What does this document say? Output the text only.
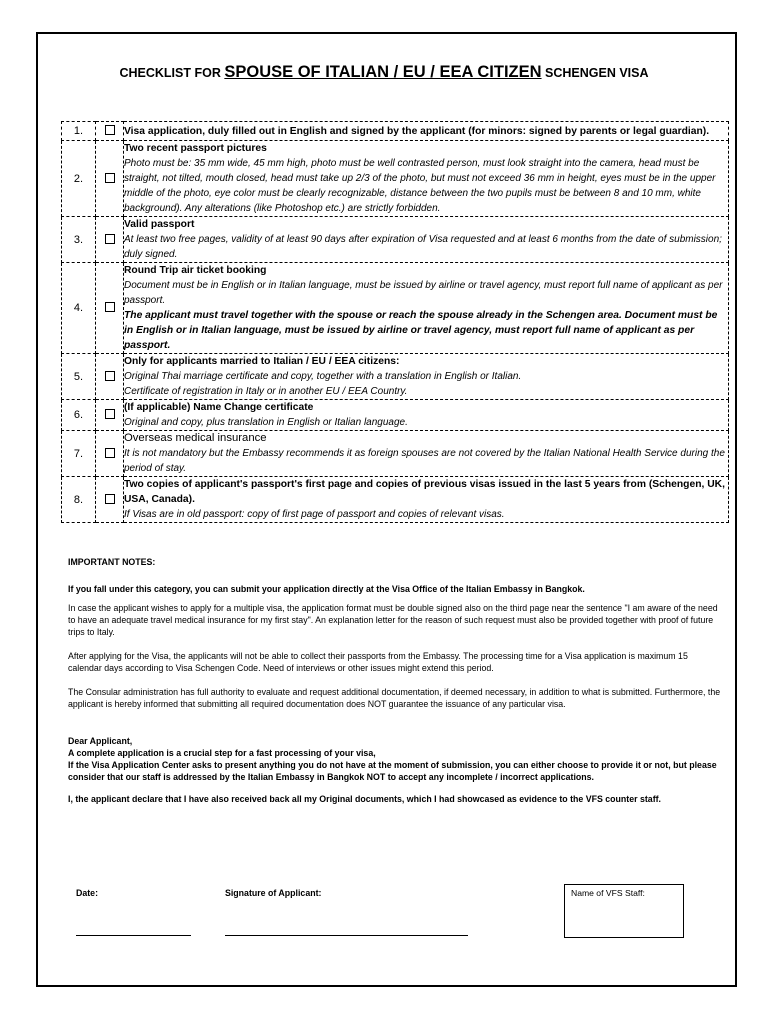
CHECKLIST FOR SPOUSE OF ITALIAN / EU / EEA CITIZEN SCHENGEN VISA
1.		Visa application, duly filled out in English and signed by the applicant (for minors: signed by parents or legal guardian).

2.		Two recent passport pictures
Photo must be: 35 mm wide, 45 mm high, photo must be well contrasted person, must look straight into the camera, head must be straight, not tilted, mouth closed, head must take up 2/3 of the photo, but must not exceed 36 mm in height, eyes must be in the upper middle of the photo, eye color must be clearly recognizable, distance between the two pupils must be between 8 and 10 mm, white background). Any alterations (like Photoshop etc.) are strictly forbidden.

3.		Valid passport
At least two free pages, validity of at least 90 days after expiration of Visa requested and at least 6 months from the date of submission; duly signed.

4.		Round Trip air ticket booking
Document must be in English or in Italian language, must be issued by airline or travel agency, must report full name of applicant as per passport.
The applicant must travel together with the spouse or reach the spouse already in the Schengen area. Document must be in English or in Italian language, must be issued by airline or travel agency, must report full name of applicant as per passport.

5.		Only for applicants married to Italian / EU / EEA citizens:
Original Thai marriage certificate and copy, together with a translation in English or Italian.
Certificate of registration in Italy or in another EU / EEA Country.

6.		(If applicable) Name Change certificate
Original and copy, plus translation in English or Italian language.

7.		Overseas medical insurance
It is not mandatory but the Embassy recommends it as foreign spouses are not covered by the Italian National Health Service during the period of stay.

8.		Two copies of applicant's passport's first page and copies of previous visas issued in the last 5 years from (Schengen, UK, USA, Canada).
If Visas are in old passport: copy of first page of passport and copies of relevant visas.

IMPORTANT NOTES:

If you fall under this category, you can submit your application directly at the Visa Office of the Italian Embassy in Bangkok.

In case the applicant wishes to apply for a multiple visa, the application format must be double signed also on the third page near the sentence "I am aware of the need to have an adequate travel medical insurance for my first stay". An explanation letter for the reason of such request must also be provided together with proof of future trips to Italy.

After applying for the Visa, the applicants will not be able to collect their passports from the Embassy. The processing time for a Visa application is maximum 15 calendar days according to Visa Schengen Code. Need of interviews or other issues might extend this period.

The Consular administration has full authority to evaluate and request additional documentation, if deemed necessary, in addition to what is submitted. Furthermore, the applicant is hereby informed that submitting all required documentation does NOT guarantee the issuance of any particular visa.

Dear Applicant,

A complete application is a crucial step for a fast processing of your visa,

If the Visa Application Center asks to present anything you do not have at the moment of submission, you can either choose to provide it or not, but please consider that our staff is addressed by the Italian Embassy in Bangkok NOT to accept any incomplete / incorrect applications.

I, the applicant declare that I have also received back all my Original documents, which I had showcased as evidence to the VFS counter staff.

Date:	Signature of Applicant:	Name of VFS Staff:
